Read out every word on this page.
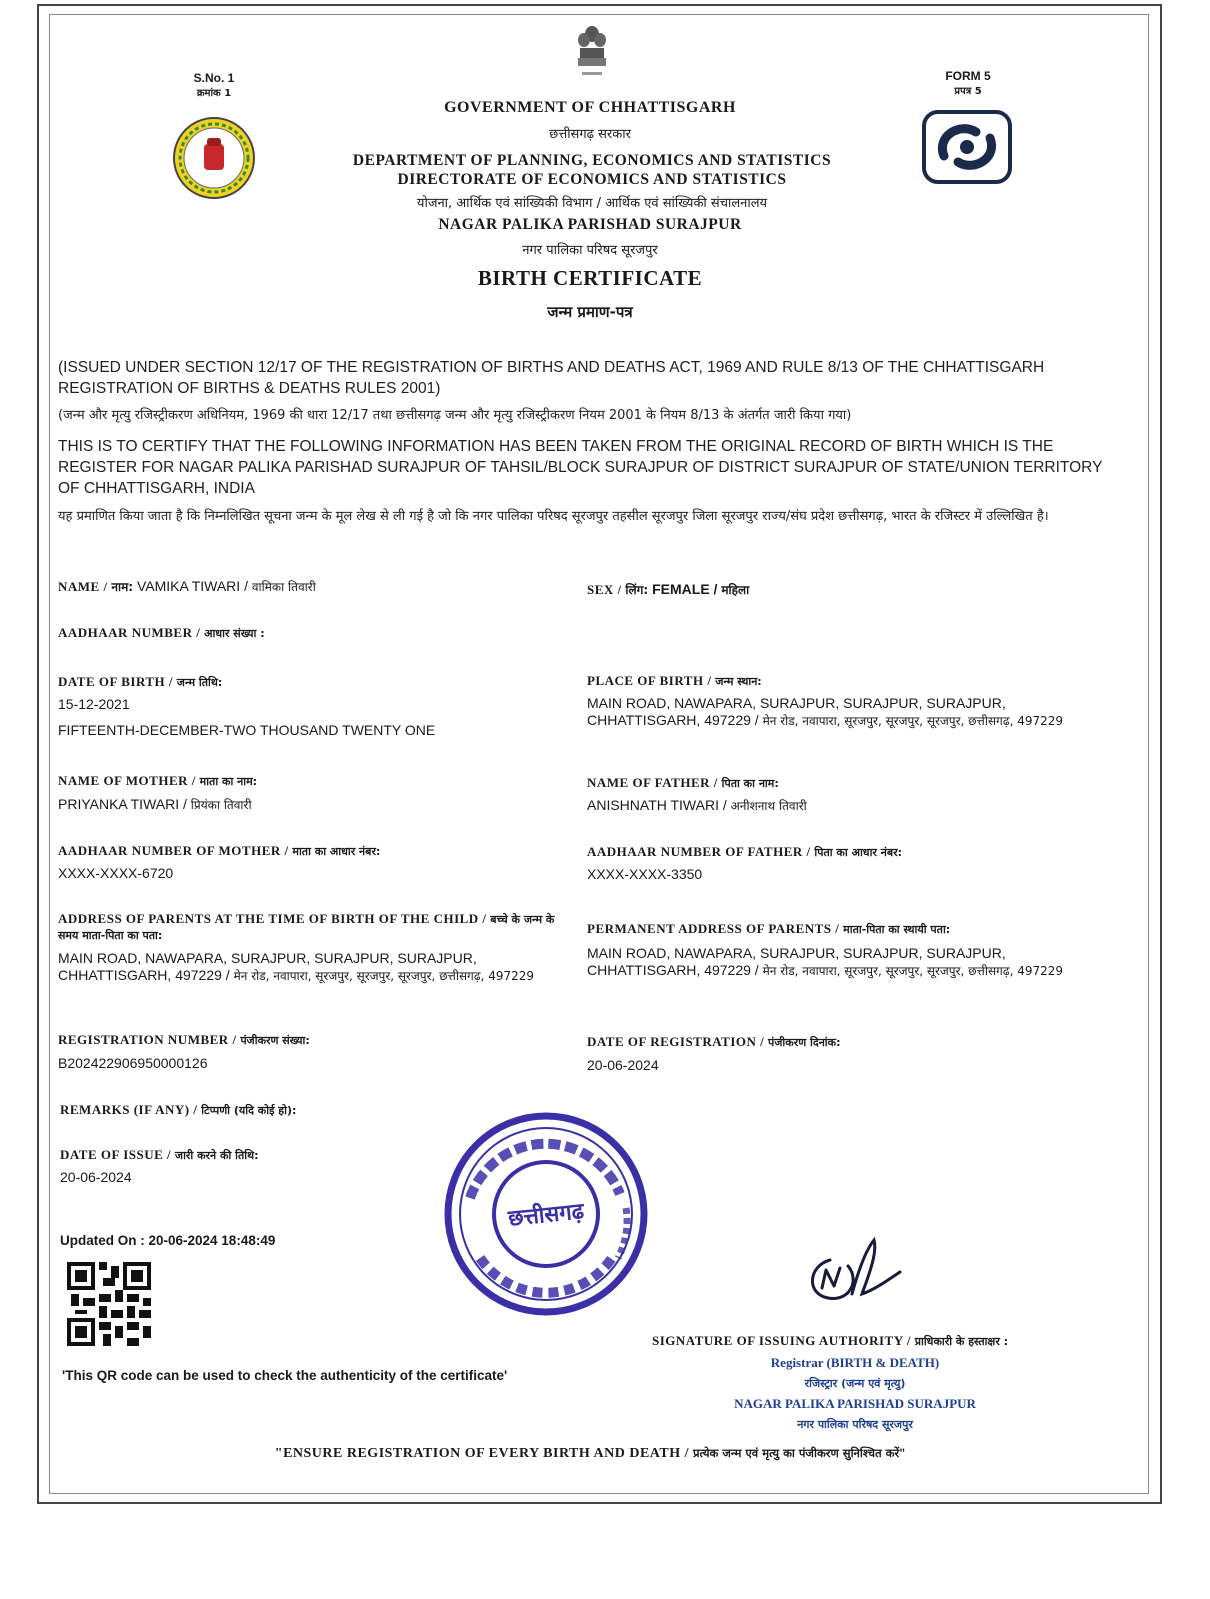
S.No. 1
क्रमांक 1
FORM 5
प्रपत्र 5
GOVERNMENT OF CHHATTISGARH
छत्तीसगढ़ सरकार
DEPARTMENT OF PLANNING, ECONOMICS AND STATISTICS
DIRECTORATE OF ECONOMICS AND STATISTICS
योजना, आर्थिक एवं सांख्यिकी विभाग / आर्थिक एवं सांख्यिकी संचालनालय
NAGAR PALIKA PARISHAD SURAJPUR
नगर पालिका परिषद सूरजपुर
BIRTH CERTIFICATE
जन्म प्रमाण-पत्र
(ISSUED UNDER SECTION 12/17 OF THE REGISTRATION OF BIRTHS AND DEATHS ACT, 1969 AND RULE 8/13 OF THE CHHATTISGARH REGISTRATION OF BIRTHS & DEATHS RULES 2001)
(जन्म और मृत्यु रजिस्ट्रीकरण अधिनियम, 1969 की धारा 12/17 तथा छत्तीसगढ़ जन्म और मृत्यु रजिस्ट्रीकरण नियम 2001 के नियम 8/13 के अंतर्गत जारी किया गया)
THIS IS TO CERTIFY THAT THE FOLLOWING INFORMATION HAS BEEN TAKEN FROM THE ORIGINAL RECORD OF BIRTH WHICH IS THE REGISTER FOR NAGAR PALIKA PARISHAD SURAJPUR OF TAHSIL/BLOCK SURAJPUR OF DISTRICT SURAJPUR OF STATE/UNION TERRITORY OF CHHATTISGARH, INDIA
यह प्रमाणित किया जाता है कि निम्नलिखित सूचना जन्म के मूल लेख से ली गई है जो कि नगर पालिका परिषद सूरजपुर तहसील सूरजपुर जिला सूरजपुर राज्य/संघ प्रदेश छत्तीसगढ़, भारत के रजिस्टर में उल्लिखित है।
NAME / नाम: VAMIKA TIWARI / वामिका तिवारी	SEX / लिंग: FEMALE / महिला
AADHAAR NUMBER / आधार संख्या :
DATE OF BIRTH / जन्म तिथि:
15-12-2021
FIFTEENTH-DECEMBER-TWO THOUSAND TWENTY ONE
PLACE OF BIRTH / जन्म स्थान:
MAIN ROAD, NAWAPARA, SURAJPUR, SURAJPUR, SURAJPUR, CHHATTISGARH, 497229 / मेन रोड, नवापारा, सूरजपुर, सूरजपुर, सूरजपुर, छत्तीसगढ़, 497229
NAME OF MOTHER / माता का नाम:
PRIYANKA TIWARI / प्रियंका तिवारी
NAME OF FATHER / पिता का नाम:
ANISHNATH TIWARI / अनीशनाथ तिवारी
AADHAAR NUMBER OF MOTHER / माता का आधार नंबर:
XXXX-XXXX-6720
AADHAAR NUMBER OF FATHER / पिता का आधार नंबर:
XXXX-XXXX-3350
ADDRESS OF PARENTS AT THE TIME OF BIRTH OF THE CHILD / बच्चे के जन्म के समय माता-पिता का पता:
MAIN ROAD, NAWAPARA, SURAJPUR, SURAJPUR, SURAJPUR, CHHATTISGARH, 497229 / मेन रोड, नवापारा, सूरजपुर, सूरजपुर, सूरजपुर, छत्तीसगढ़, 497229
PERMANENT ADDRESS OF PARENTS / माता-पिता का स्थायी पता:
MAIN ROAD, NAWAPARA, SURAJPUR, SURAJPUR, SURAJPUR, CHHATTISGARH, 497229 / मेन रोड, नवापारा, सूरजपुर, सूरजपुर, सूरजपुर, छत्तीसगढ़, 497229
REGISTRATION NUMBER / पंजीकरण संख्या:
B2024229069500001​26
DATE OF REGISTRATION / पंजीकरण दिनांक:
20-06-2024
REMARKS (IF ANY) / टिप्पणी (यदि कोई हो):
DATE OF ISSUE / जारी करने की तिथि:
20-06-2024
Updated On : 20-06-2024 18:48:49
'This QR code can be used to check the authenticity of the certificate'
छत्तीसगढ़
SIGNATURE OF ISSUING AUTHORITY / प्राधिकारी के हस्ताक्षर :
Registrar (BIRTH & DEATH)
रजिस्ट्रार (जन्म एवं मृत्यु)
NAGAR PALIKA PARISHAD SURAJPUR
नगर पालिका परिषद सूरजपुर
"ENSURE REGISTRATION OF EVERY BIRTH AND DEATH / प्रत्येक जन्म एवं मृत्यु का पंजीकरण सुनिश्चित करें"
